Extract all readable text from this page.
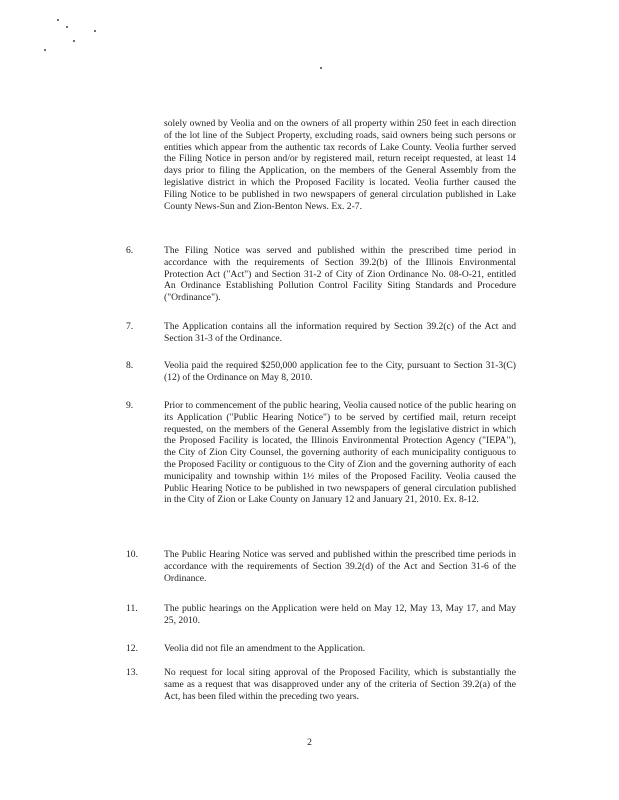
solely owned by Veolia and on the owners of all property within 250 feet in each direction of the lot line of the Subject Property, excluding roads, said owners being such persons or entities which appear from the authentic tax records of Lake County. Veolia further served the Filing Notice in person and/or by registered mail, return receipt requested, at least 14 days prior to filing the Application, on the members of the General Assembly from the legislative district in which the Proposed Facility is located. Veolia further caused the Filing Notice to be published in two newspapers of general circulation published in Lake County News-Sun and Zion-Benton News. Ex. 2-7.

6.	The Filing Notice was served and published within the prescribed time period in accordance with the requirements of Section 39.2(b) of the Illinois Environmental Protection Act ("Act") and Section 31-2 of City of Zion Ordinance No. 08-O-21, entitled An Ordinance Establishing Pollution Control Facility Siting Standards and Procedure ("Ordinance").

7.	The Application contains all the information required by Section 39.2(c) of the Act and Section 31-3 of the Ordinance.

8.	Veolia paid the required $250,000 application fee to the City, pursuant to Section 31-3(C)(12) of the Ordinance on May 8, 2010.

9.	Prior to commencement of the public hearing, Veolia caused notice of the public hearing on its Application ("Public Hearing Notice") to be served by certified mail, return receipt requested, on the members of the General Assembly from the legislative district in which the Proposed Facility is located, the Illinois Environmental Protection Agency ("IEPA"), the City of Zion City Counsel, the governing authority of each municipality contiguous to the Proposed Facility or contiguous to the City of Zion and the governing authority of each municipality and township within 1½ miles of the Proposed Facility. Veolia caused the Public Hearing Notice to be published in two newspapers of general circulation published in the City of Zion or Lake County on January 12 and January 21, 2010. Ex. 8-12.

10.	The Public Hearing Notice was served and published within the prescribed time periods in accordance with the requirements of Section 39.2(d) of the Act and Section 31-6 of the Ordinance.

11.	The public hearings on the Application were held on May 12, May 13, May 17, and May 25, 2010.

12.	Veolia did not file an amendment to the Application.

13.	No request for local siting approval of the Proposed Facility, which is substantially the same as a request that was disapproved under any of the criteria of Section 39.2(a) of the Act, has been filed within the preceding two years.

2
